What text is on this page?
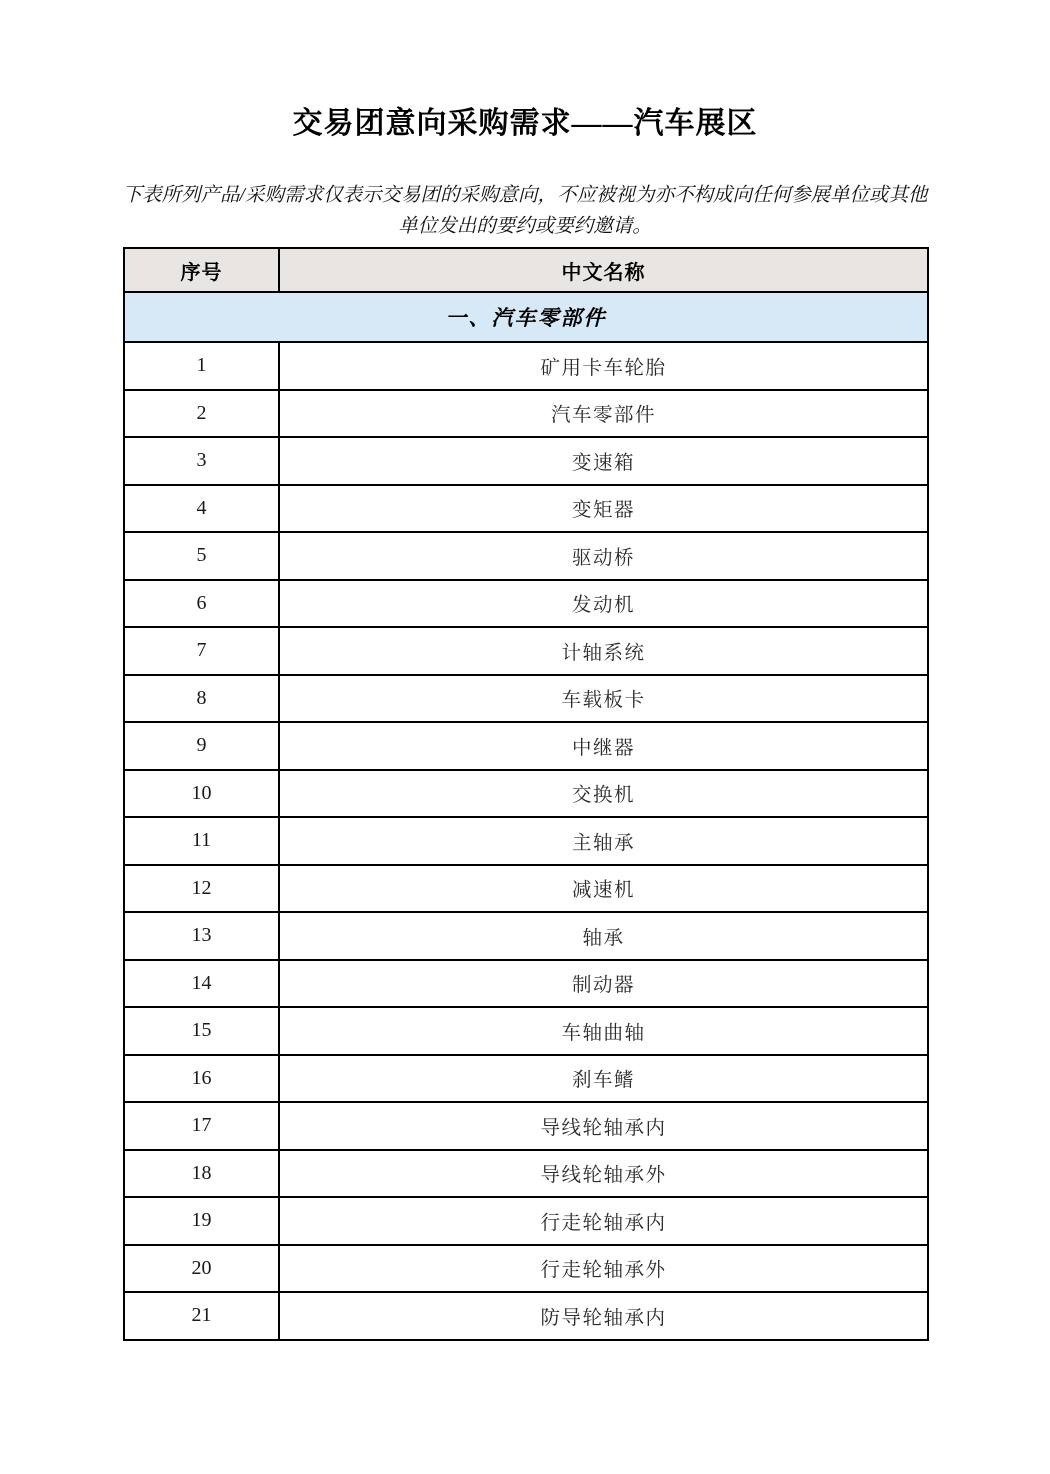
交易团意向采购需求——汽车展区
下表所列产品/采购需求仅表示交易团的采购意向，不应被视为亦不构成向任何参展单位或其他
单位发出的要约或要约邀请。
序号	中文名称
一、汽车零部件	
1	矿用卡车轮胎
2	汽车零部件
3	变速箱
4	变矩器
5	驱动桥
6	发动机
7	计轴系统
8	车载板卡
9	中继器
10	交换机
11	主轴承
12	减速机
13	轴承
14	制动器
15	车轴曲轴
16	刹车鳍
17	导线轮轴承内
18	导线轮轴承外
19	行走轮轴承内
20	行走轮轴承外
21	防导轮轴承内
